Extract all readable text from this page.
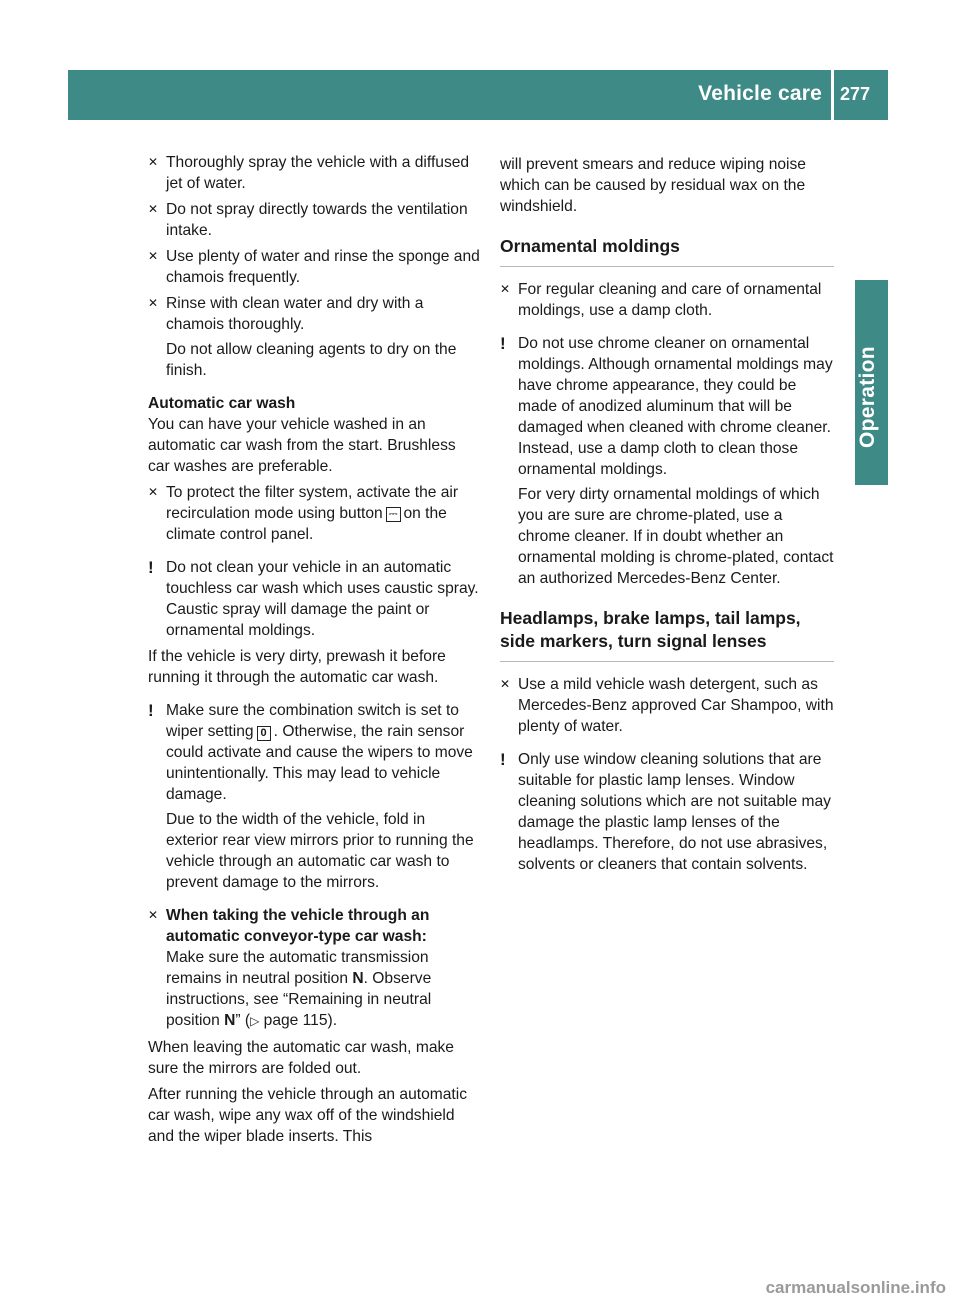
Vehicle care 277
Operation
✕ Thoroughly spray the vehicle with a diffused jet of water.
✕ Do not spray directly towards the ventilation intake.
✕ Use plenty of water and rinse the sponge and chamois frequently.
✕ Rinse with clean water and dry with a chamois thoroughly.

Do not allow cleaning agents to dry on the finish.

Automatic car wash

You can have your vehicle washed in an automatic car wash from the start. Brushless car washes are preferable.

✕ To protect the filter system, activate the air recirculation mode using button ⎓ on the climate control panel.
! Do not clean your vehicle in an automatic touchless car wash which uses caustic spray. Caustic spray will damage the paint or ornamental moldings.

If the vehicle is very dirty, prewash it before running it through the automatic car wash.

! Make sure the combination switch is set to wiper setting 0 . Otherwise, the rain sensor could activate and cause the wipers to move unintentionally. This may lead to vehicle damage.

Due to the width of the vehicle, fold in exterior rear view mirrors prior to running the vehicle through an automatic car wash to prevent damage to the mirrors.

✕ When taking the vehicle through an automatic conveyor-type car wash:
Make sure the automatic transmission remains in neutral position N. Observe instructions, see “Remaining in neutral position N” (▷ page 115).

When leaving the automatic car wash, make sure the mirrors are folded out.

After running the vehicle through an automatic car wash, wipe any wax off of the windshield and the wiper blade inserts. This

will prevent smears and reduce wiping noise which can be caused by residual wax on the windshield.

Ornamental moldings

✕ For regular cleaning and care of ornamental moldings, use a damp cloth.
! Do not use chrome cleaner on ornamental moldings. Although ornamental moldings may have chrome appearance, they could be made of anodized aluminum that will be damaged when cleaned with chrome cleaner. Instead, use a damp cloth to clean those ornamental moldings.

For very dirty ornamental moldings of which you are sure are chrome-plated, use a chrome cleaner. If in doubt whether an ornamental molding is chrome-plated, contact an authorized Mercedes-Benz Center.

Headlamps, brake lamps, tail lamps, side markers, turn signal lenses

✕ Use a mild vehicle wash detergent, such as Mercedes-Benz approved Car Shampoo, with plenty of water.
! Only use window cleaning solutions that are suitable for plastic lamp lenses. Window cleaning solutions which are not suitable may damage the plastic lamp lenses of the headlamps. Therefore, do not use abrasives, solvents or cleaners that contain solvents.
carmanualsonline.info
